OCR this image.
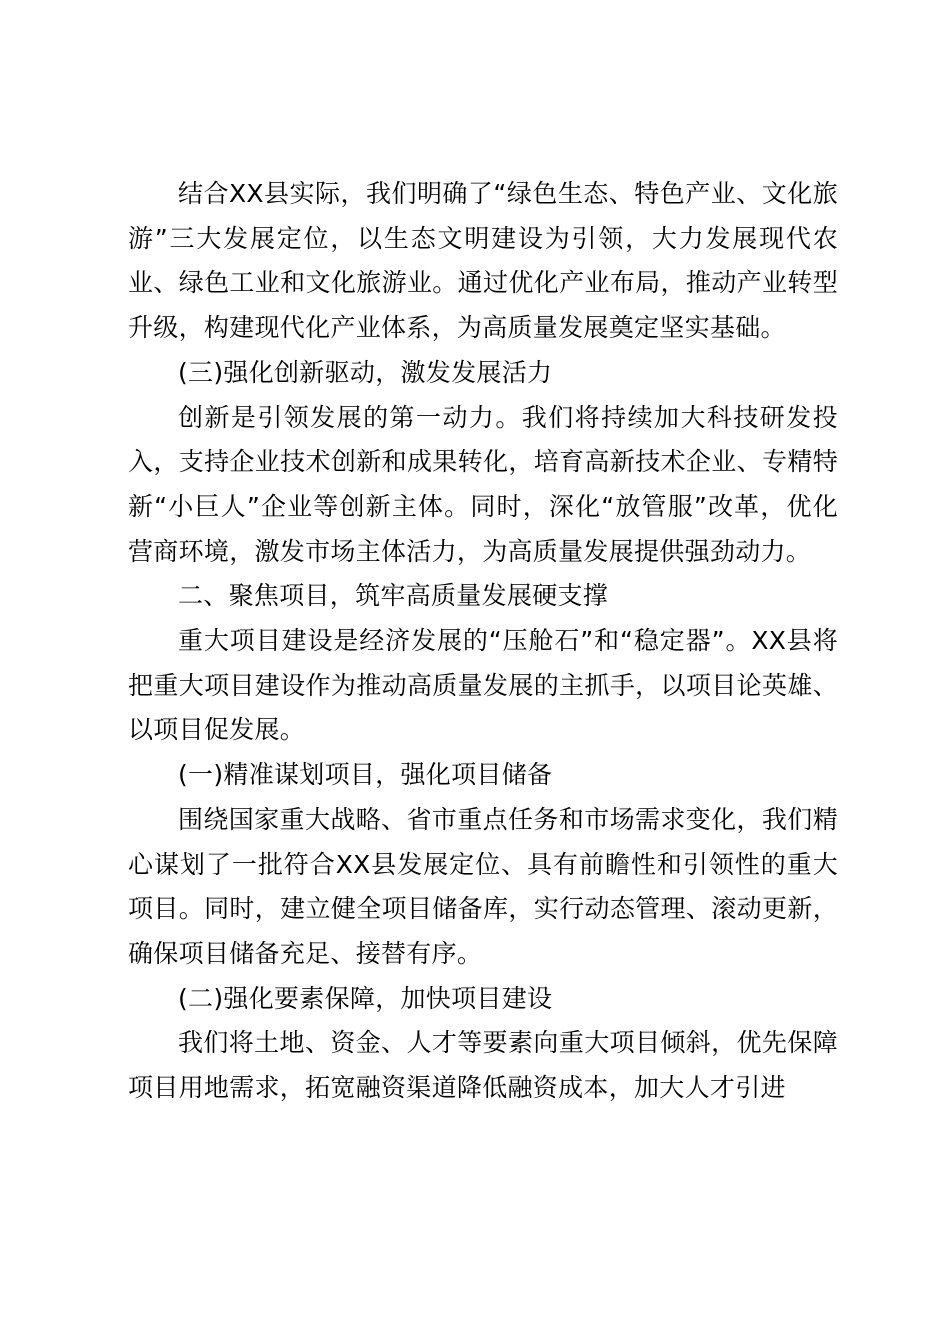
结合XX县实际，我们明确了“绿色生态、特色产业、文化旅游”三大发展定位，以生态文明建设为引领，大力发展现代农业、绿色工业和文化旅游业。通过优化产业布局，推动产业转型升级，构建现代化产业体系，为高质量发展奠定坚实基础。

(三)强化创新驱动，激发发展活力

创新是引领发展的第一动力。我们将持续加大科技研发投入，支持企业技术创新和成果转化，培育高新技术企业、专精特新“小巨人”企业等创新主体。同时，深化“放管服”改革，优化营商环境，激发市场主体活力，为高质量发展提供强劲动力。

二、聚焦项目，筑牢高质量发展硬支撑

重大项目建设是经济发展的“压舱石”和“稳定器”。XX县将把重大项目建设作为推动高质量发展的主抓手，以项目论英雄、以项目促发展。

(一)精准谋划项目，强化项目储备

围绕国家重大战略、省市重点任务和市场需求变化，我们精心谋划了一批符合XX县发展定位、具有前瞻性和引领性的重大项目。同时，建立健全项目储备库，实行动态管理、滚动更新，确保项目储备充足、接替有序。

(二)强化要素保障，加快项目建设

我们将土地、资金、人才等要素向重大项目倾斜，优先保障项目用地需求，拓宽融资渠道降低融资成本，加大人才引进
